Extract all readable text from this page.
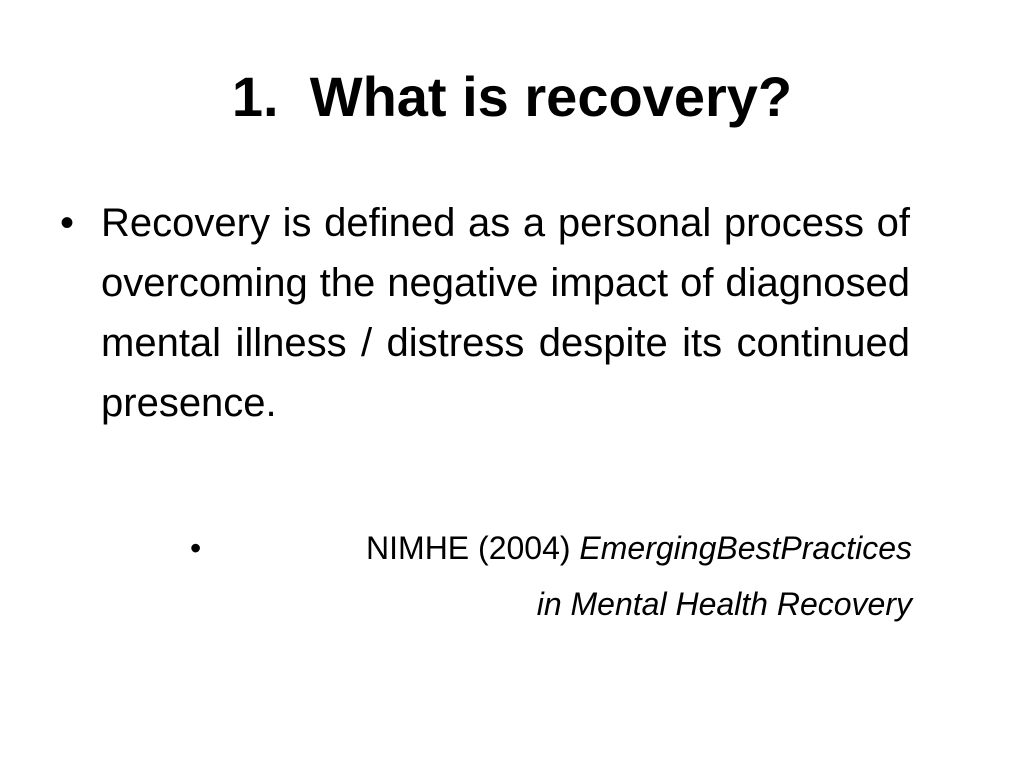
1.  What is recovery?
• Recovery is defined as a personal process of overcoming the negative impact of diagnosed mental illness / distress despite its continued presence.
•	NIMHE (2004) EmergingBestPractices
in Mental Health Recovery
